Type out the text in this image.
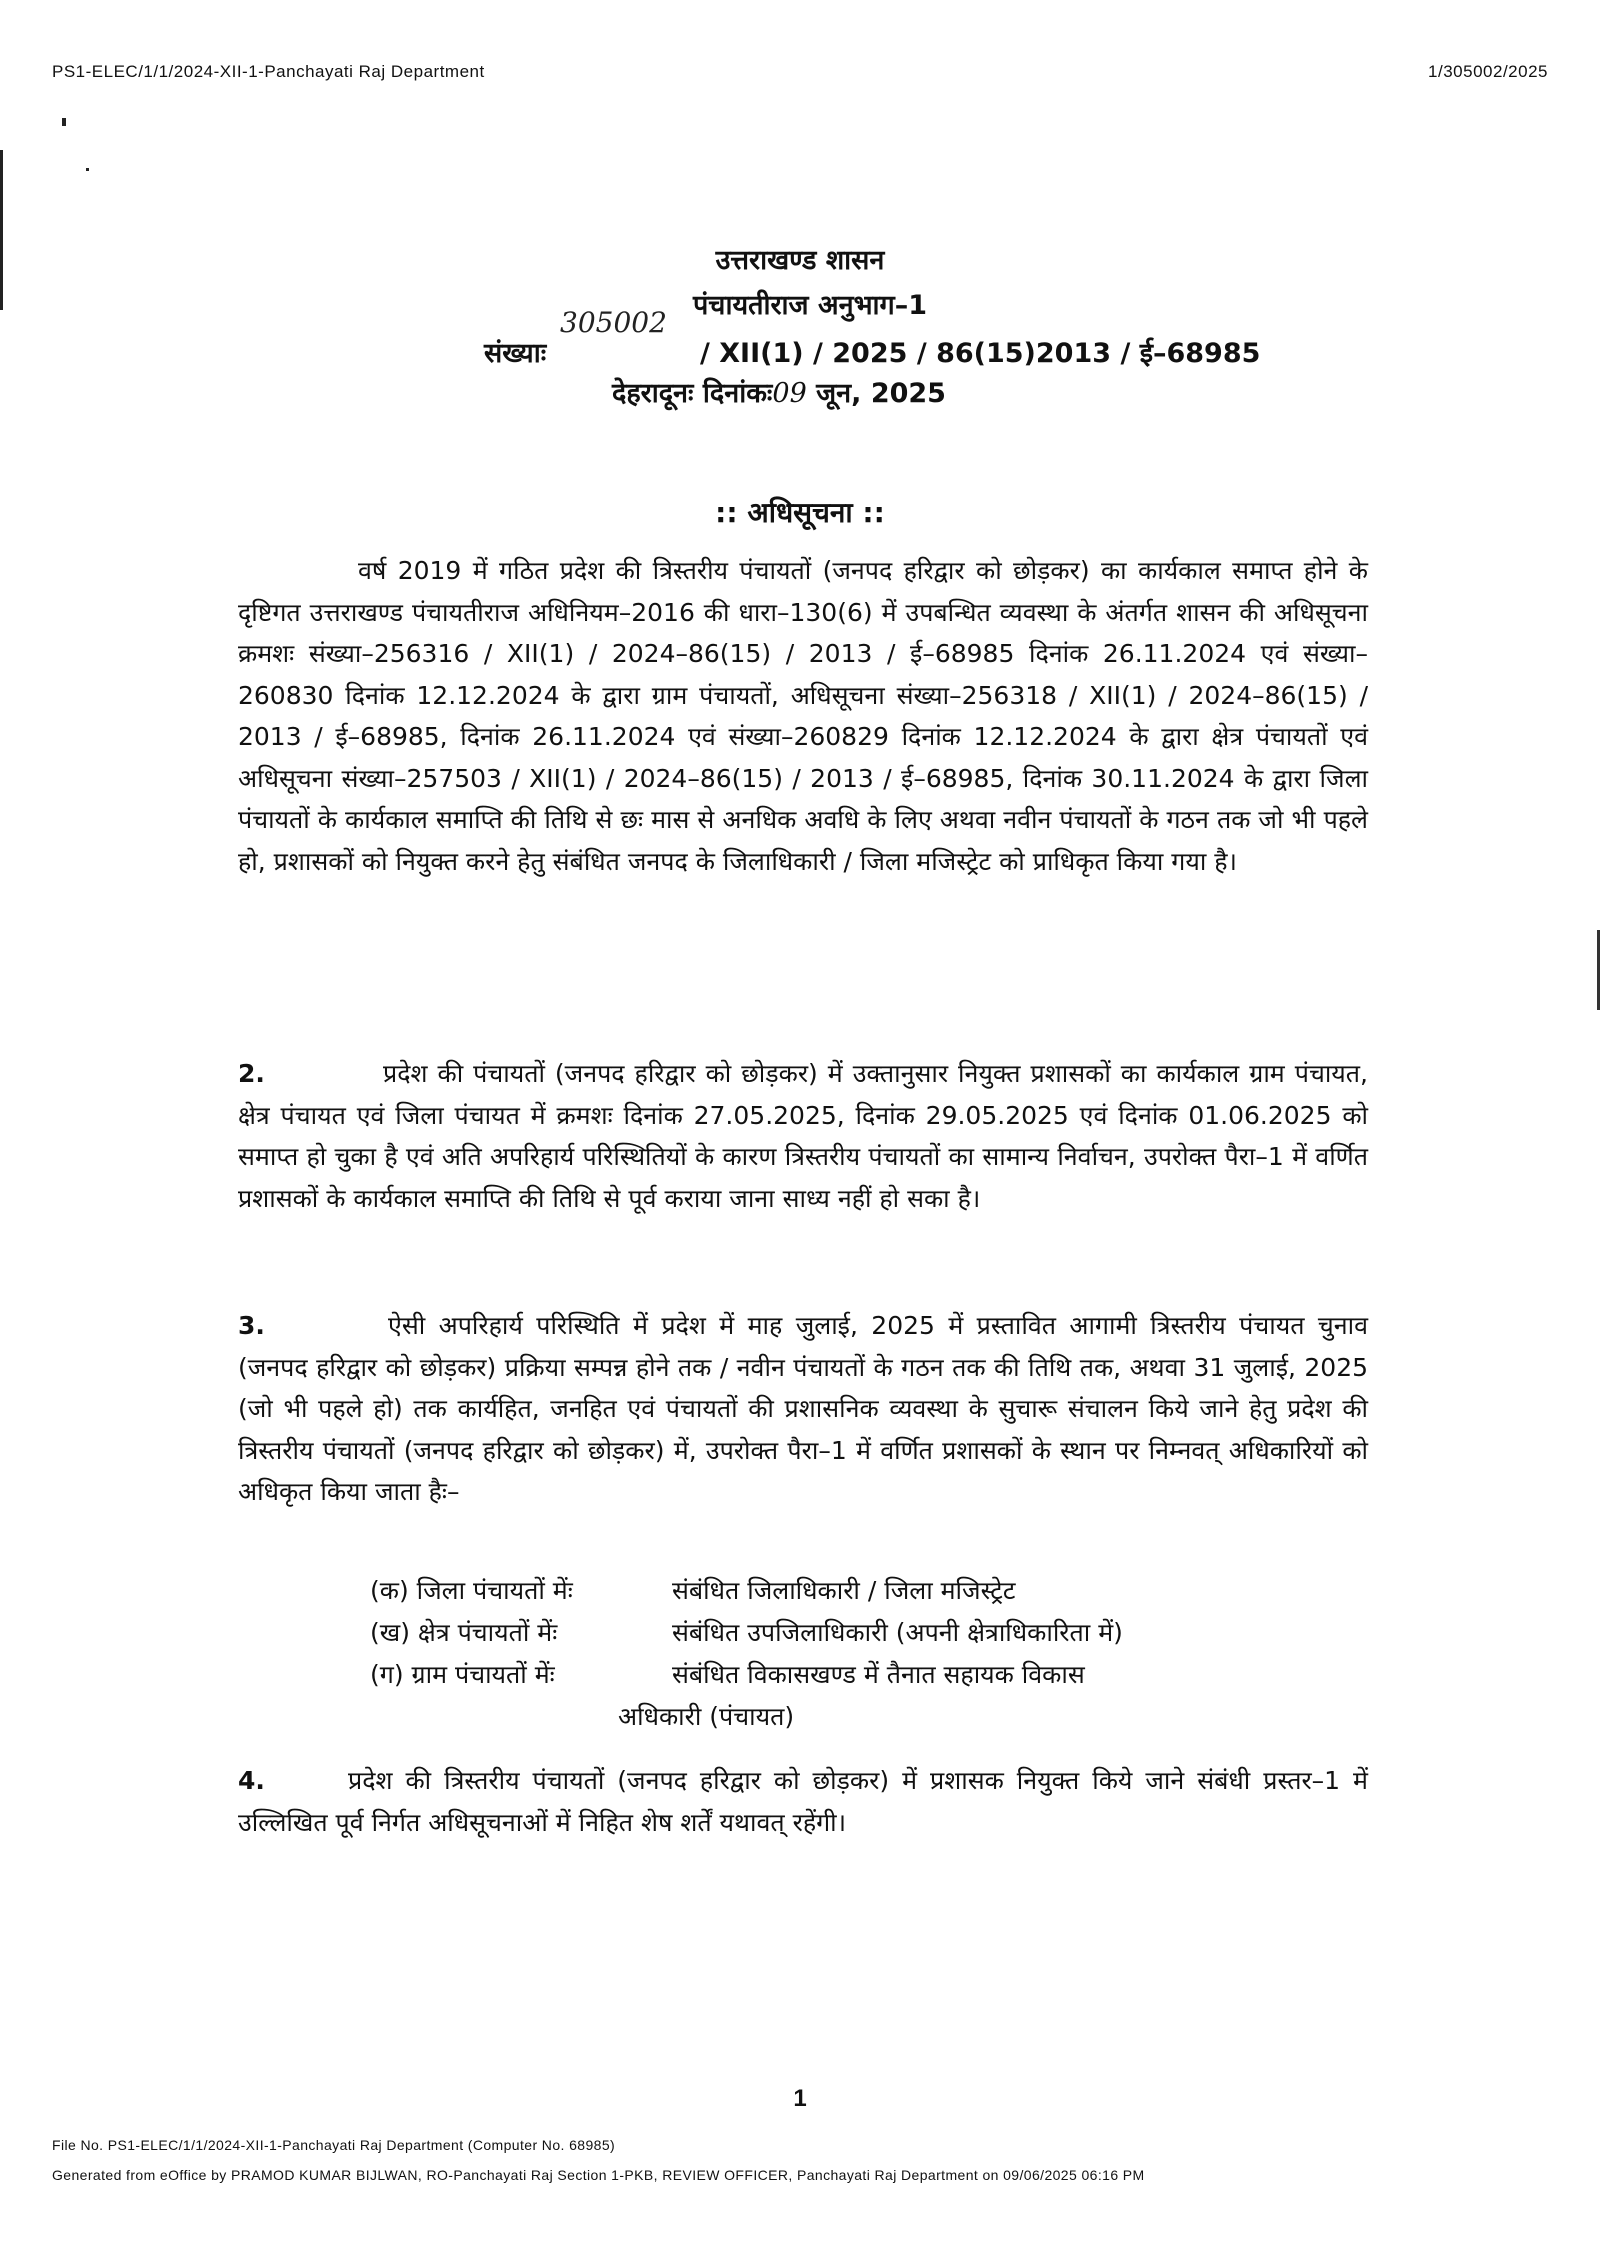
PS1-ELEC/1/1/2024-XII-1-Panchayati Raj Department	1/305002/2025
उत्तराखण्ड शासन
पंचायतीराज अनुभाग–1
305002
संख्याः	/ XII(1) / 2025 / 86(15)2013 / ई–68985
देहरादूनः दिनांकः09 जून, 2025
:: अधिसूचना ::
वर्ष 2019 में गठित प्रदेश की त्रिस्तरीय पंचायतों (जनपद हरिद्वार को छोड़कर) का कार्यकाल समाप्त होने के दृष्टिगत उत्तराखण्ड पंचायतीराज अधिनियम–2016 की धारा–130(6) में उपबन्धित व्यवस्था के अंतर्गत शासन की अधिसूचना क्रमशः संख्या–256316 / XII(1) / 2024–86(15) / 2013 / ई–68985 दिनांक 26.11.2024 एवं संख्या–260830 दिनांक 12.12.2024 के द्वारा ग्राम पंचायतों, अधिसूचना संख्या–256318 / XII(1) / 2024–86(15) / 2013 / ई–68985, दिनांक 26.11.2024 एवं संख्या–260829 दिनांक 12.12.2024 के द्वारा क्षेत्र पंचायतों एवं अधिसूचना संख्या–257503 / XII(1) / 2024–86(15) / 2013 / ई–68985, दिनांक 30.11.2024 के द्वारा जिला पंचायतों के कार्यकाल समाप्ति की तिथि से छः मास से अनधिक अवधि के लिए अथवा नवीन पंचायतों के गठन तक जो भी पहले हो, प्रशासकों को नियुक्त करने हेतु संबंधित जनपद के जिलाधिकारी / जिला मजिस्ट्रेट को प्राधिकृत किया गया है।
2.	प्रदेश की पंचायतों (जनपद हरिद्वार को छोड़कर) में उक्तानुसार नियुक्त प्रशासकों का कार्यकाल ग्राम पंचायत, क्षेत्र पंचायत एवं जिला पंचायत में क्रमशः दिनांक 27.05.2025, दिनांक 29.05.2025 एवं दिनांक 01.06.2025 को समाप्त हो चुका है एवं अति अपरिहार्य परिस्थितियों के कारण त्रिस्तरीय पंचायतों का सामान्य निर्वाचन, उपरोक्त पैरा–1 में वर्णित प्रशासकों के कार्यकाल समाप्ति की तिथि से पूर्व कराया जाना साध्य नहीं हो सका है।
3.	ऐसी अपरिहार्य परिस्थिति में प्रदेश में माह जुलाई, 2025 में प्रस्तावित आगामी त्रिस्तरीय पंचायत चुनाव (जनपद हरिद्वार को छोड़कर) प्रक्रिया सम्पन्न होने तक / नवीन पंचायतों के गठन तक की तिथि तक, अथवा 31 जुलाई, 2025 (जो भी पहले हो) तक कार्यहित, जनहित एवं पंचायतों की प्रशासनिक व्यवस्था के सुचारू संचालन किये जाने हेतु प्रदेश की त्रिस्तरीय पंचायतों (जनपद हरिद्वार को छोड़कर) में, उपरोक्त पैरा–1 में वर्णित प्रशासकों के स्थान पर निम्नवत् अधिकारियों को अधिकृत किया जाता हैः–
(क) जिला पंचायतों मेंः	संबंधित जिलाधिकारी / जिला मजिस्ट्रेट
(ख) क्षेत्र पंचायतों मेंः	संबंधित उपजिलाधिकारी (अपनी क्षेत्राधिकारिता में)
(ग) ग्राम पंचायतों मेंः	संबंधित विकासखण्ड में तैनात सहायक विकास
अधिकारी (पंचायत)
4.	प्रदेश की त्रिस्तरीय पंचायतों (जनपद हरिद्वार को छोड़कर) में प्रशासक नियुक्त किये जाने संबंधी प्रस्तर–1 में उल्लिखित पूर्व निर्गत अधिसूचनाओं में निहित शेष शर्तें यथावत् रहेंगी।
1
File No. PS1-ELEC/1/1/2024-XII-1-Panchayati Raj Department (Computer No. 68985)
Generated from eOffice by PRAMOD KUMAR BIJLWAN, RO-Panchayati Raj Section 1-PKB, REVIEW OFFICER, Panchayati Raj Department on 09/06/2025 06:16 PM
